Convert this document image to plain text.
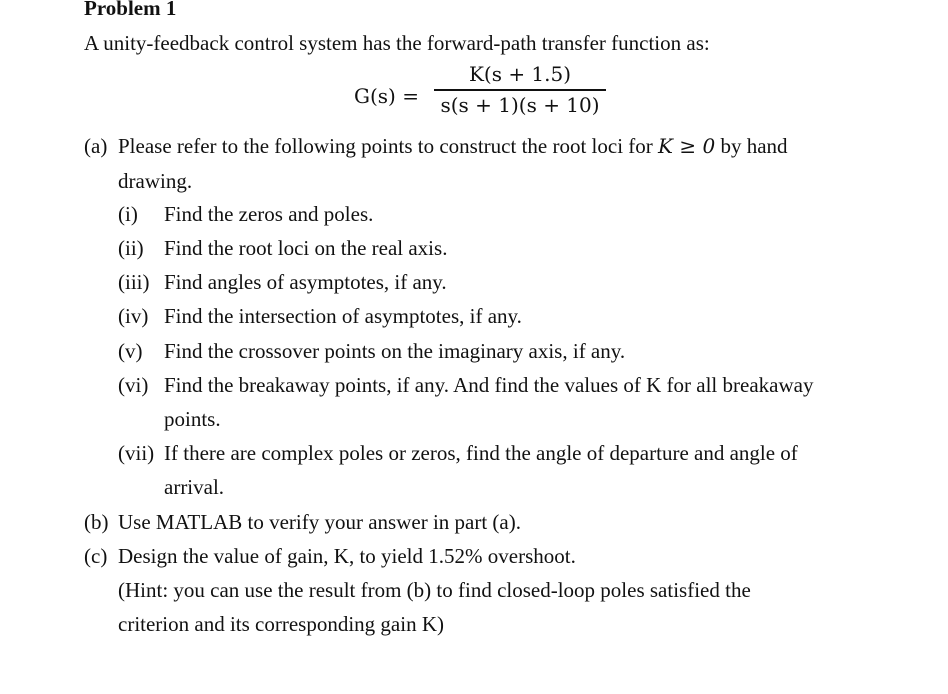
Problem 1
A unity-feedback control system has the forward-path transfer function as:
G(s) =
K(s + 1.5)
s(s + 1)(s + 10)
(a) Please refer to the following points to construct the root loci for K ≥ 0 by hand
drawing.
(i) Find the zeros and poles.
(ii) Find the root loci on the real axis.
(iii) Find angles of asymptotes, if any.
(iv) Find the intersection of asymptotes, if any.
(v) Find the crossover points on the imaginary axis, if any.
(vi) Find the breakaway points, if any. And find the values of K for all breakaway
points.
(vii) If there are complex poles or zeros, find the angle of departure and angle of
arrival.
(b) Use MATLAB to verify your answer in part (a).
(c) Design the value of gain, K, to yield 1.52% overshoot.
(Hint: you can use the result from (b) to find closed-loop poles satisfied the
criterion and its corresponding gain K)
